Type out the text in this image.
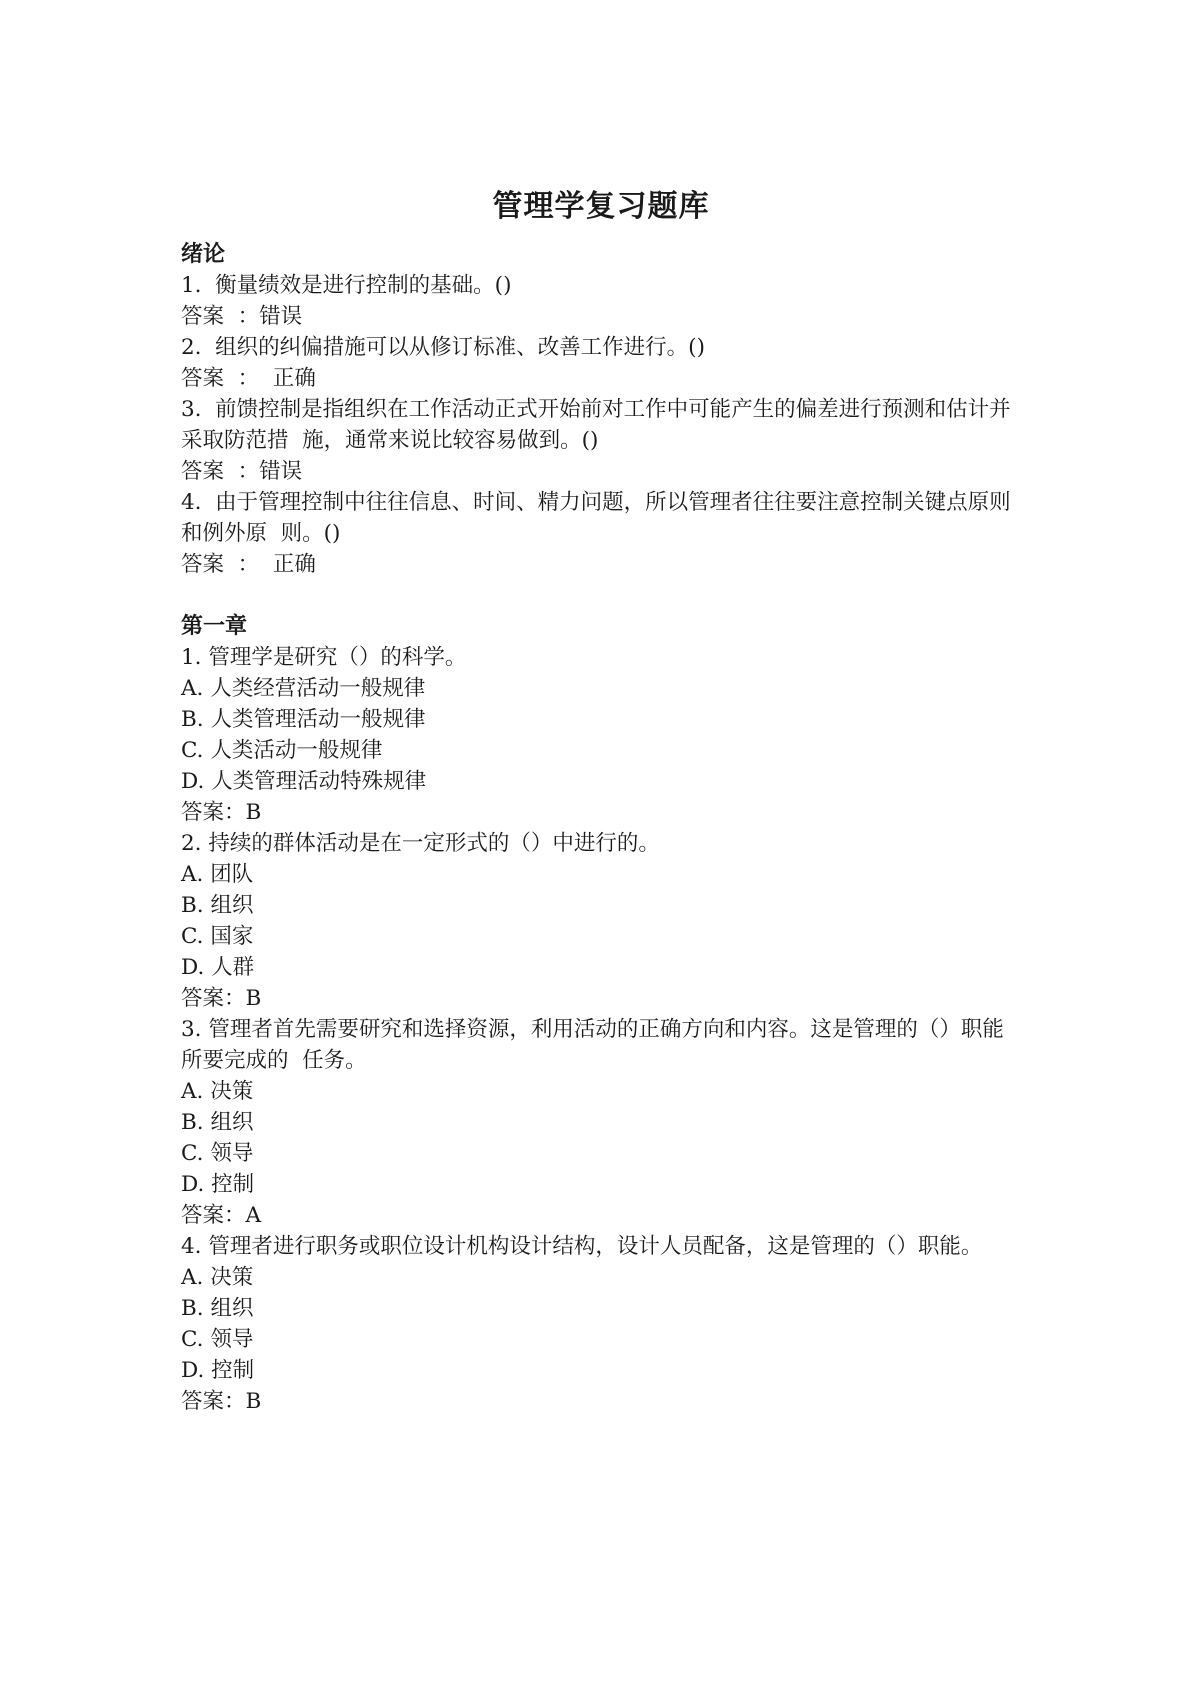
管理学复习题库
绪论
1.  衡量绩效是进行控制的基础。()
答案  ：错误
2.  组织的纠偏措施可以从修订标准、改善工作进行。()
答案  ：  正确
3.  前馈控制是指组织在工作活动正式开始前对工作中可能产生的偏差进行预测和估计并采取防范措  施，通常来说比较容易做到。()
答案  ：错误
4.  由于管理控制中往往信息、时间、精力问题，所以管理者往往要注意控制关键点原则和例外原  则。()
答案  ：  正确
第一章
1. 管理学是研究（）的科学。
A. 人类经营活动一般规律
B. 人类管理活动一般规律
C. 人类活动一般规律
D. 人类管理活动特殊规律
答案：B
2. 持续的群体活动是在一定形式的（）中进行的。
A. 团队
B. 组织
C. 国家
D. 人群
答案：B
3. 管理者首先需要研究和选择资源，利用活动的正确方向和内容。这是管理的（）职能所要完成的  任务。
A. 决策
B. 组织
C. 领导
D. 控制
答案：A
4. 管理者进行职务或职位设计机构设计结构，设计人员配备，这是管理的（）职能。
A. 决策
B. 组织
C. 领导
D. 控制
答案：B
